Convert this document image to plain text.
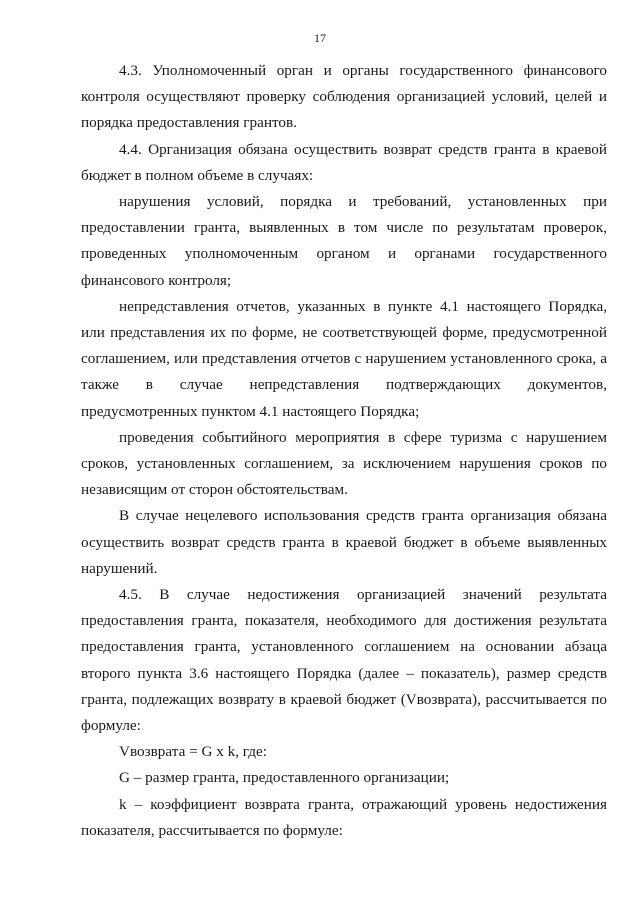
17

4.3. Уполномоченный орган и органы государственного финансового контроля осуществляют проверку соблюдения организацией условий, целей и порядка предоставления грантов.

4.4. Организация обязана осуществить возврат средств гранта в краевой бюджет в полном объеме в случаях:

нарушения условий, порядка и требований, установленных при предоставлении гранта, выявленных в том числе по результатам проверок, проведенных уполномоченным органом и органами государственного финансового контроля;

непредставления отчетов, указанных в пункте 4.1 настоящего Порядка, или представления их по форме, не соответствующей форме, предусмотренной соглашением, или представления отчетов с нарушением установленного срока, а также в случае непредставления подтверждающих документов, предусмотренных пунктом 4.1 настоящего Порядка;

проведения событийного мероприятия в сфере туризма с нарушением сроков, установленных соглашением, за исключением нарушения сроков по независящим от сторон обстоятельствам.

В случае нецелевого использования средств гранта организация обязана осуществить возврат средств гранта в краевой бюджет в объеме выявленных нарушений.

4.5. В случае недостижения организацией значений результата предоставления гранта, показателя, необходимого для достижения результата предоставления гранта, установленного соглашением на основании абзаца второго пункта 3.6 настоящего Порядка (далее – показатель), размер средств гранта, подлежащих возврату в краевой бюджет (Vвозврата), рассчитывается по формуле:

Vвозврата = G x k, где:

G – размер гранта, предоставленного организации;

k – коэффициент возврата гранта, отражающий уровень недостижения показателя, рассчитывается по формуле:
